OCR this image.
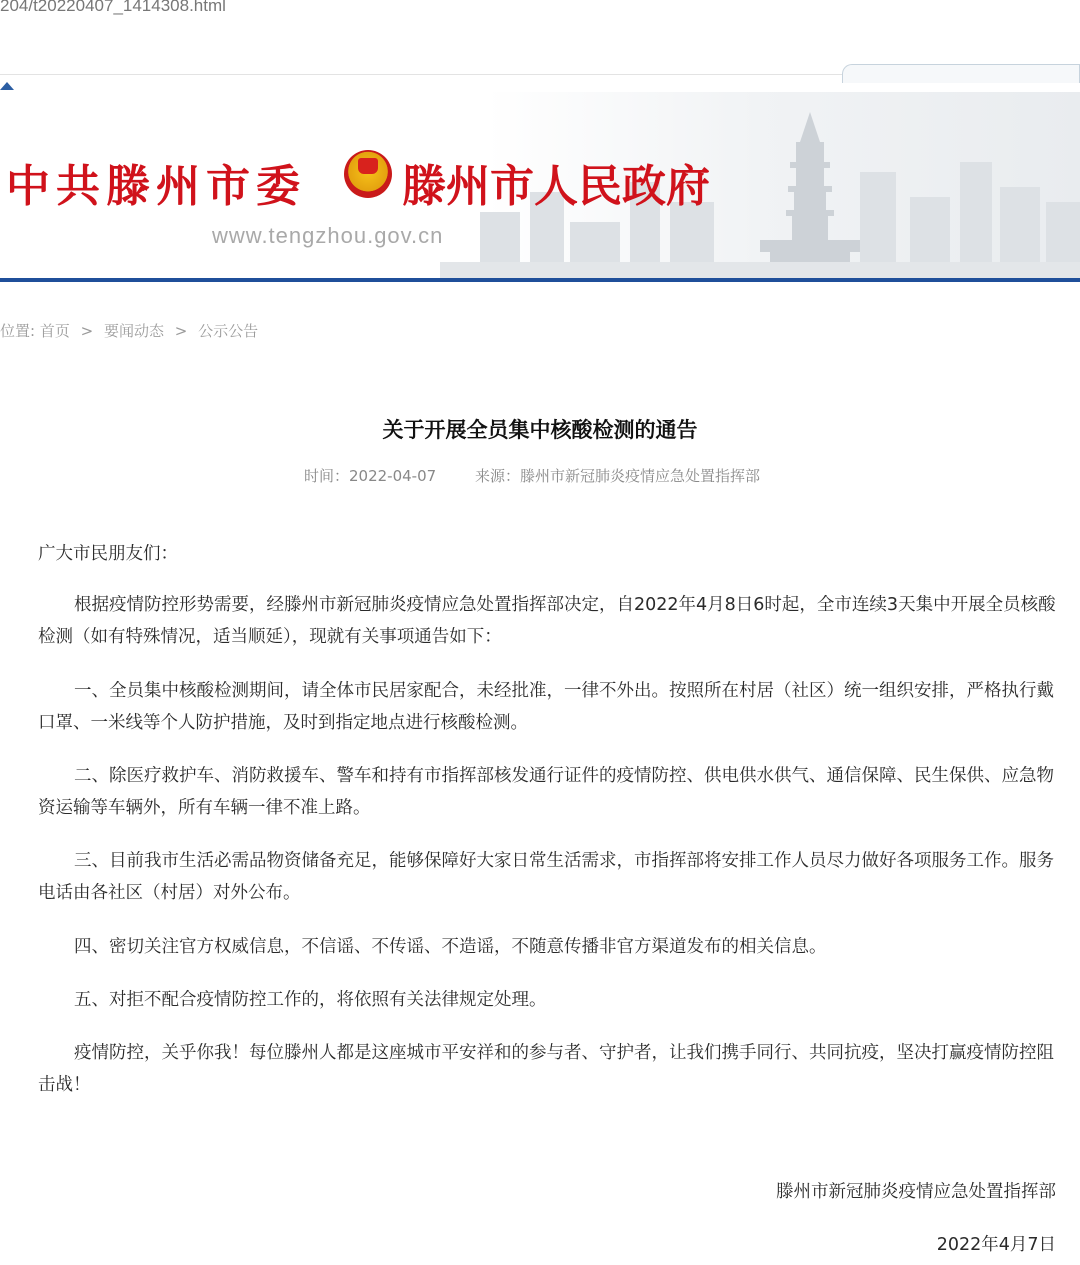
204/t20220407_1414308.html
中共滕州市委 滕州市人民政府
www.tengzhou.gov.cn
位置: 首页 > 要闻动态 > 公示公告
关于开展全员集中核酸检测的通告
时间：2022-04-07	来源：滕州市新冠肺炎疫情应急处置指挥部
广大市民朋友们：

根据疫情防控形势需要，经滕州市新冠肺炎疫情应急处置指挥部决定，自2022年4月8日6时起，全市连续3天集中开展全员核酸检测（如有特殊情况，适当顺延），现就有关事项通告如下：

一、全员集中核酸检测期间，请全体市民居家配合，未经批准，一律不外出。按照所在村居（社区）统一组织安排，严格执行戴口罩、一米线等个人防护措施，及时到指定地点进行核酸检测。

二、除医疗救护车、消防救援车、警车和持有市指挥部核发通行证件的疫情防控、供电供水供气、通信保障、民生保供、应急物资运输等车辆外，所有车辆一律不准上路。

三、目前我市生活必需品物资储备充足，能够保障好大家日常生活需求，市指挥部将安排工作人员尽力做好各项服务工作。服务电话由各社区（村居）对外公布。

四、密切关注官方权威信息，不信谣、不传谣、不造谣，不随意传播非官方渠道发布的相关信息。

五、对拒不配合疫情防控工作的，将依照有关法律规定处理。

疫情防控，关乎你我！每位滕州人都是这座城市平安祥和的参与者、守护者，让我们携手同行、共同抗疫，坚决打赢疫情防控阻击战！

滕州市新冠肺炎疫情应急处置指挥部
2022年4月7日
